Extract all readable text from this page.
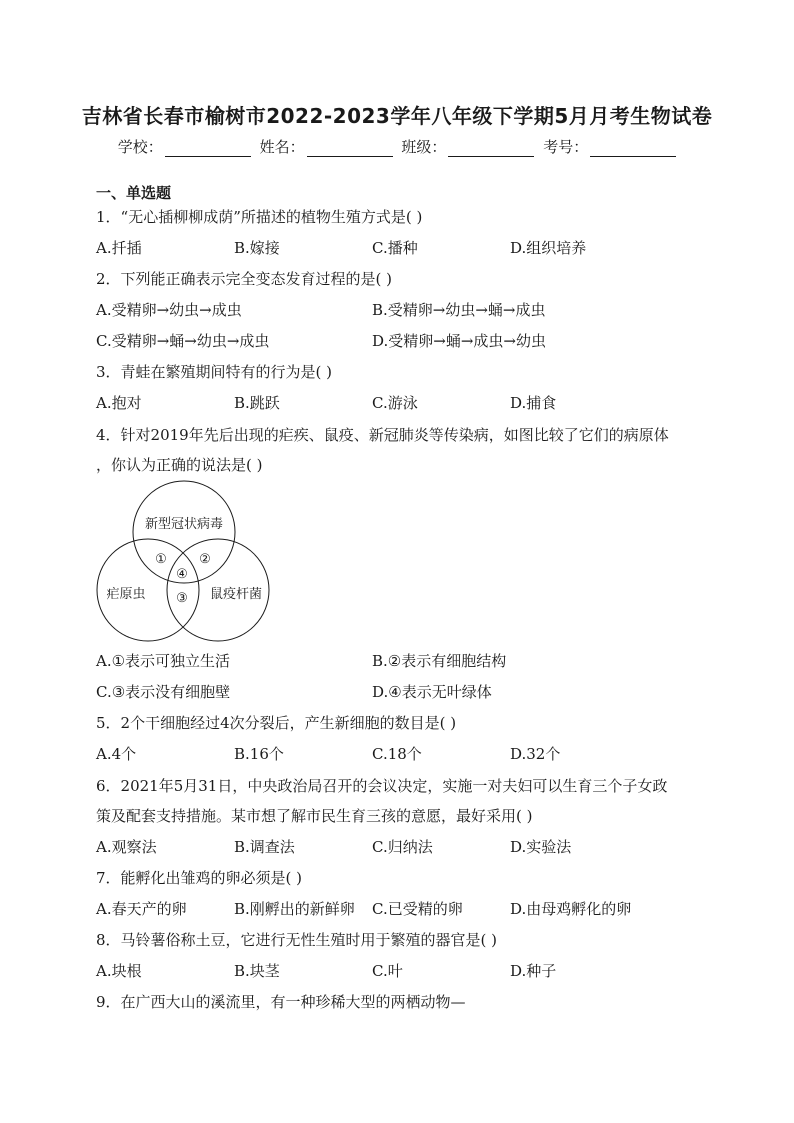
吉林省长春市榆树市2022-2023学年八年级下学期5月月考生物试卷
学校：	姓名：	班级：	考号：
一、单选题
1．“无心插柳柳成荫”所描述的植物生殖方式是( )
A.扦插	B.嫁接	C.播种	D.组织培养
2．下列能正确表示完全变态发育过程的是( )
A.受精卵→幼虫→成虫	B.受精卵→幼虫→蛹→成虫
C.受精卵→蛹→幼虫→成虫	D.受精卵→蛹→成虫→幼虫
3．青蛙在繁殖期间特有的行为是( )
A.抱对	B.跳跃	C.游泳	D.捕食
4．针对2019年先后出现的疟疾、鼠疫、新冠肺炎等传染病，如图比较了它们的病原体
，你认为正确的说法是( )
新型冠状病毒
疟原虫	鼠疫杆菌
① ②
④
③
A.①表示可独立生活	B.②表示有细胞结构
C.③表示没有细胞壁	D.④表示无叶绿体
5．2个干细胞经过4次分裂后，产生新细胞的数目是( )
A.4个	B.16个	C.18个	D.32个
6．2021年5月31日，中央政治局召开的会议决定，实施一对夫妇可以生育三个子女政
策及配套支持措施。某市想了解市民生育三孩的意愿，最好采用( )
A.观察法	B.调查法	C.归纳法	D.实验法
7．能孵化出雏鸡的卵必须是( )
A.春天产的卵	B.刚孵出的新鲜卵 C.已受精的卵	D.由母鸡孵化的卵
8．马铃薯俗称土豆，它进行无性生殖时用于繁殖的器官是( )
A.块根	B.块茎	C.叶	D.种子
9．在广西大山的溪流里，有一种珍稀大型的两栖动物—
